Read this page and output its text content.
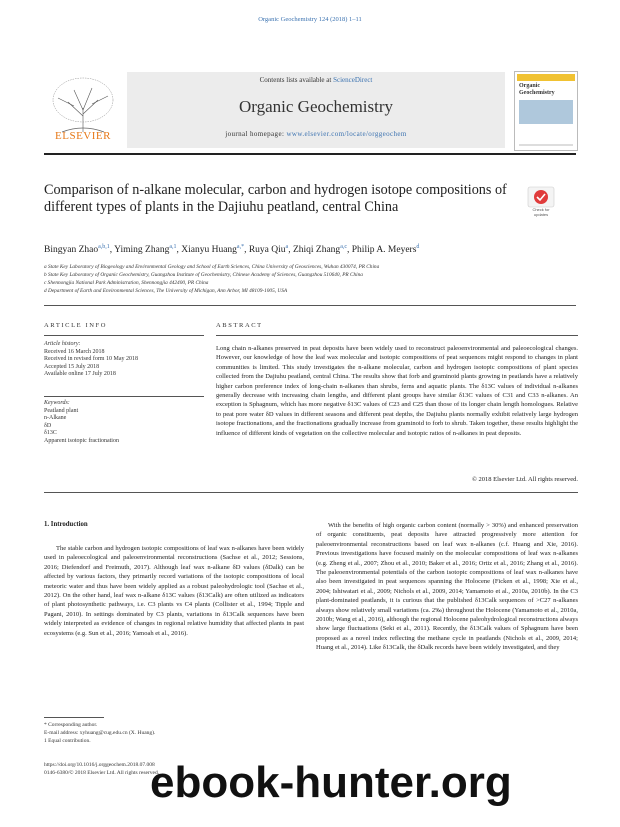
Organic Geochemistry 124 (2018) 1–11
ELSEVIER
Contents lists available at ScienceDirect
Organic Geochemistry
journal homepage: www.elsevier.com/locate/orggeochem
Organic
Geochemistry
Comparison of n-alkane molecular, carbon and hydrogen isotope compositions of different types of plants in the Dajiuhu peatland, central China	Check for updates
Bingyan Zhao$^{a,b,1}$, Yiming Zhang$^{a,1}$, Xianyu Huang$^{a,*}$, Ruya Qiu$^a$, Zhiqi Zhang$^{a,c}$, Philip A. Meyers$^d$
a State Key Laboratory of Biogeology and Environmental Geology and School of Earth Sciences, China University of Geosciences, Wuhan 430074, PR China
b State Key Laboratory of Organic Geochemistry, Guangzhou Institute of Geochemistry, Chinese Academy of Sciences, Guangzhou 510640, PR China
c Shennongjia National Park Administration, Shennongjia 442400, PR China
d Department of Earth and Environmental Sciences, The University of Michigan, Ann Arbor, MI 48109-1005, USA
ARTICLE INFO
Article history:
Received 16 March 2018
Received in revised form 10 May 2018
Accepted 15 July 2018
Available online 17 July 2018
Keywords:
Peatland plant
n-Alkane
δD
δ13C
Apparent isotopic fractionation
ABSTRACT
Long chain n-alkanes preserved in peat deposits have been widely used to reconstruct paleoenvironmental and paleoecological changes. However, our knowledge of how the leaf wax molecular and isotopic compositions of peat sequences might respond to changes in plant communities is limited. This study investigates the n-alkane molecular, carbon and hydrogen isotopic compositions of plant species collected from the Dajiuhu peatland, central China. The results show that forb and graminoid plants growing in peatlands have a relatively higher carbon preference index of long-chain n-alkanes than shrubs, ferns and aquatic plants. The δ13C values of individual n-alkanes generally decrease with increasing chain lengths, and different plant groups have similar δ13C values of C31 and C33 n-alkanes. An exception is Sphagnum, which has more negative δ13C values of C23 and C25 than those of its longer chain length homologues. Relative to peat pore water δD values in different seasons and different peat depths, the Dajiuhu plants normally exhibit relatively large hydrogen isotope fractionations, and the fractionations gradually increase from graminoid to forb to shrub. Taken together, these results highlight the influence of different kinds of vegetation on the collective molecular and isotopic ratios of n-alkanes in peat deposits.
© 2018 Elsevier Ltd. All rights reserved.
1. Introduction
The stable carbon and hydrogen isotopic compositions of leaf wax n-alkanes have been widely used in paleoecological and paleoenvironmental reconstructions (Sachse et al., 2012; Sessions, 2016; Diefendorf and Freimuth, 2017). Although leaf wax n-alkane δD values (δDalk) can be affected by various factors, they primarily record variations of the isotopic compositions of local meteoric water and thus have been widely applied as a robust paleohydrologic tool (Sachse et al., 2012). On the other hand, leaf wax n-alkane δ13C values (δ13Calk) are often utilized as indicators of plant photosynthetic pathways, i.e. C3 plants vs C4 plants (Collister et al., 1994; Tipple and Pagani, 2010). In settings dominated by C3 plants, variations in δ13Calk sequences have been widely interpreted as evidence of changes in regional relative humidity that affected plants in past ecosystems (e.g. Sun et al., 2016; Yamoah et al., 2016).
With the benefits of high organic carbon content (normally > 30%) and enhanced preservation of organic constituents, peat deposits have attracted progressively more attention for paleoenvironmental reconstructions based on leaf wax n-alkanes (c.f. Huang and Xie, 2016). Previous investigations have focused mainly on the molecular compositions of leaf wax n-alkanes (e.g. Zheng et al., 2007; Zhou et al., 2010; Baker et al., 2016; Ortiz et al., 2016; Zhang et al., 2016). The paleoenvironmental potentials of the carbon isotopic compositions of leaf wax n-alkanes have also been investigated in peat sequences spanning the Holocene (Ficken et al., 1998; Xie et al., 2004; Ishiwatari et al., 2009; Nichols et al., 2009, 2014; Yamamoto et al., 2010a, 2010b). In the C3 plant-dominated peatlands, it is curious that the published δ13Calk sequences of >C27 n-alkanes always show relatively small variations (ca. 2‰) throughout the Holocene (Yamamoto et al., 2010a, 2010b; Wang et al., 2016), although the regional Holocene paleohydrological reconstructions always show large fluctuations (Seki et al., 2011). Recently, the δ13Calk values of Sphagnum have been proposed as a novel index reflecting the methane cycle in peatlands (Nichols et al., 2009, 2014; Huang et al., 2014). Like δ13Calk, the δDalk records have been widely investigated, and they
* Corresponding author.
E-mail address: xyhuang@cug.edu.cn (X. Huang).
1 Equal contribution.
https://doi.org/10.1016/j.orggeochem.2018.07.008
0146-6380/© 2018 Elsevier Ltd. All rights reserved.
ebook-hunter.org
